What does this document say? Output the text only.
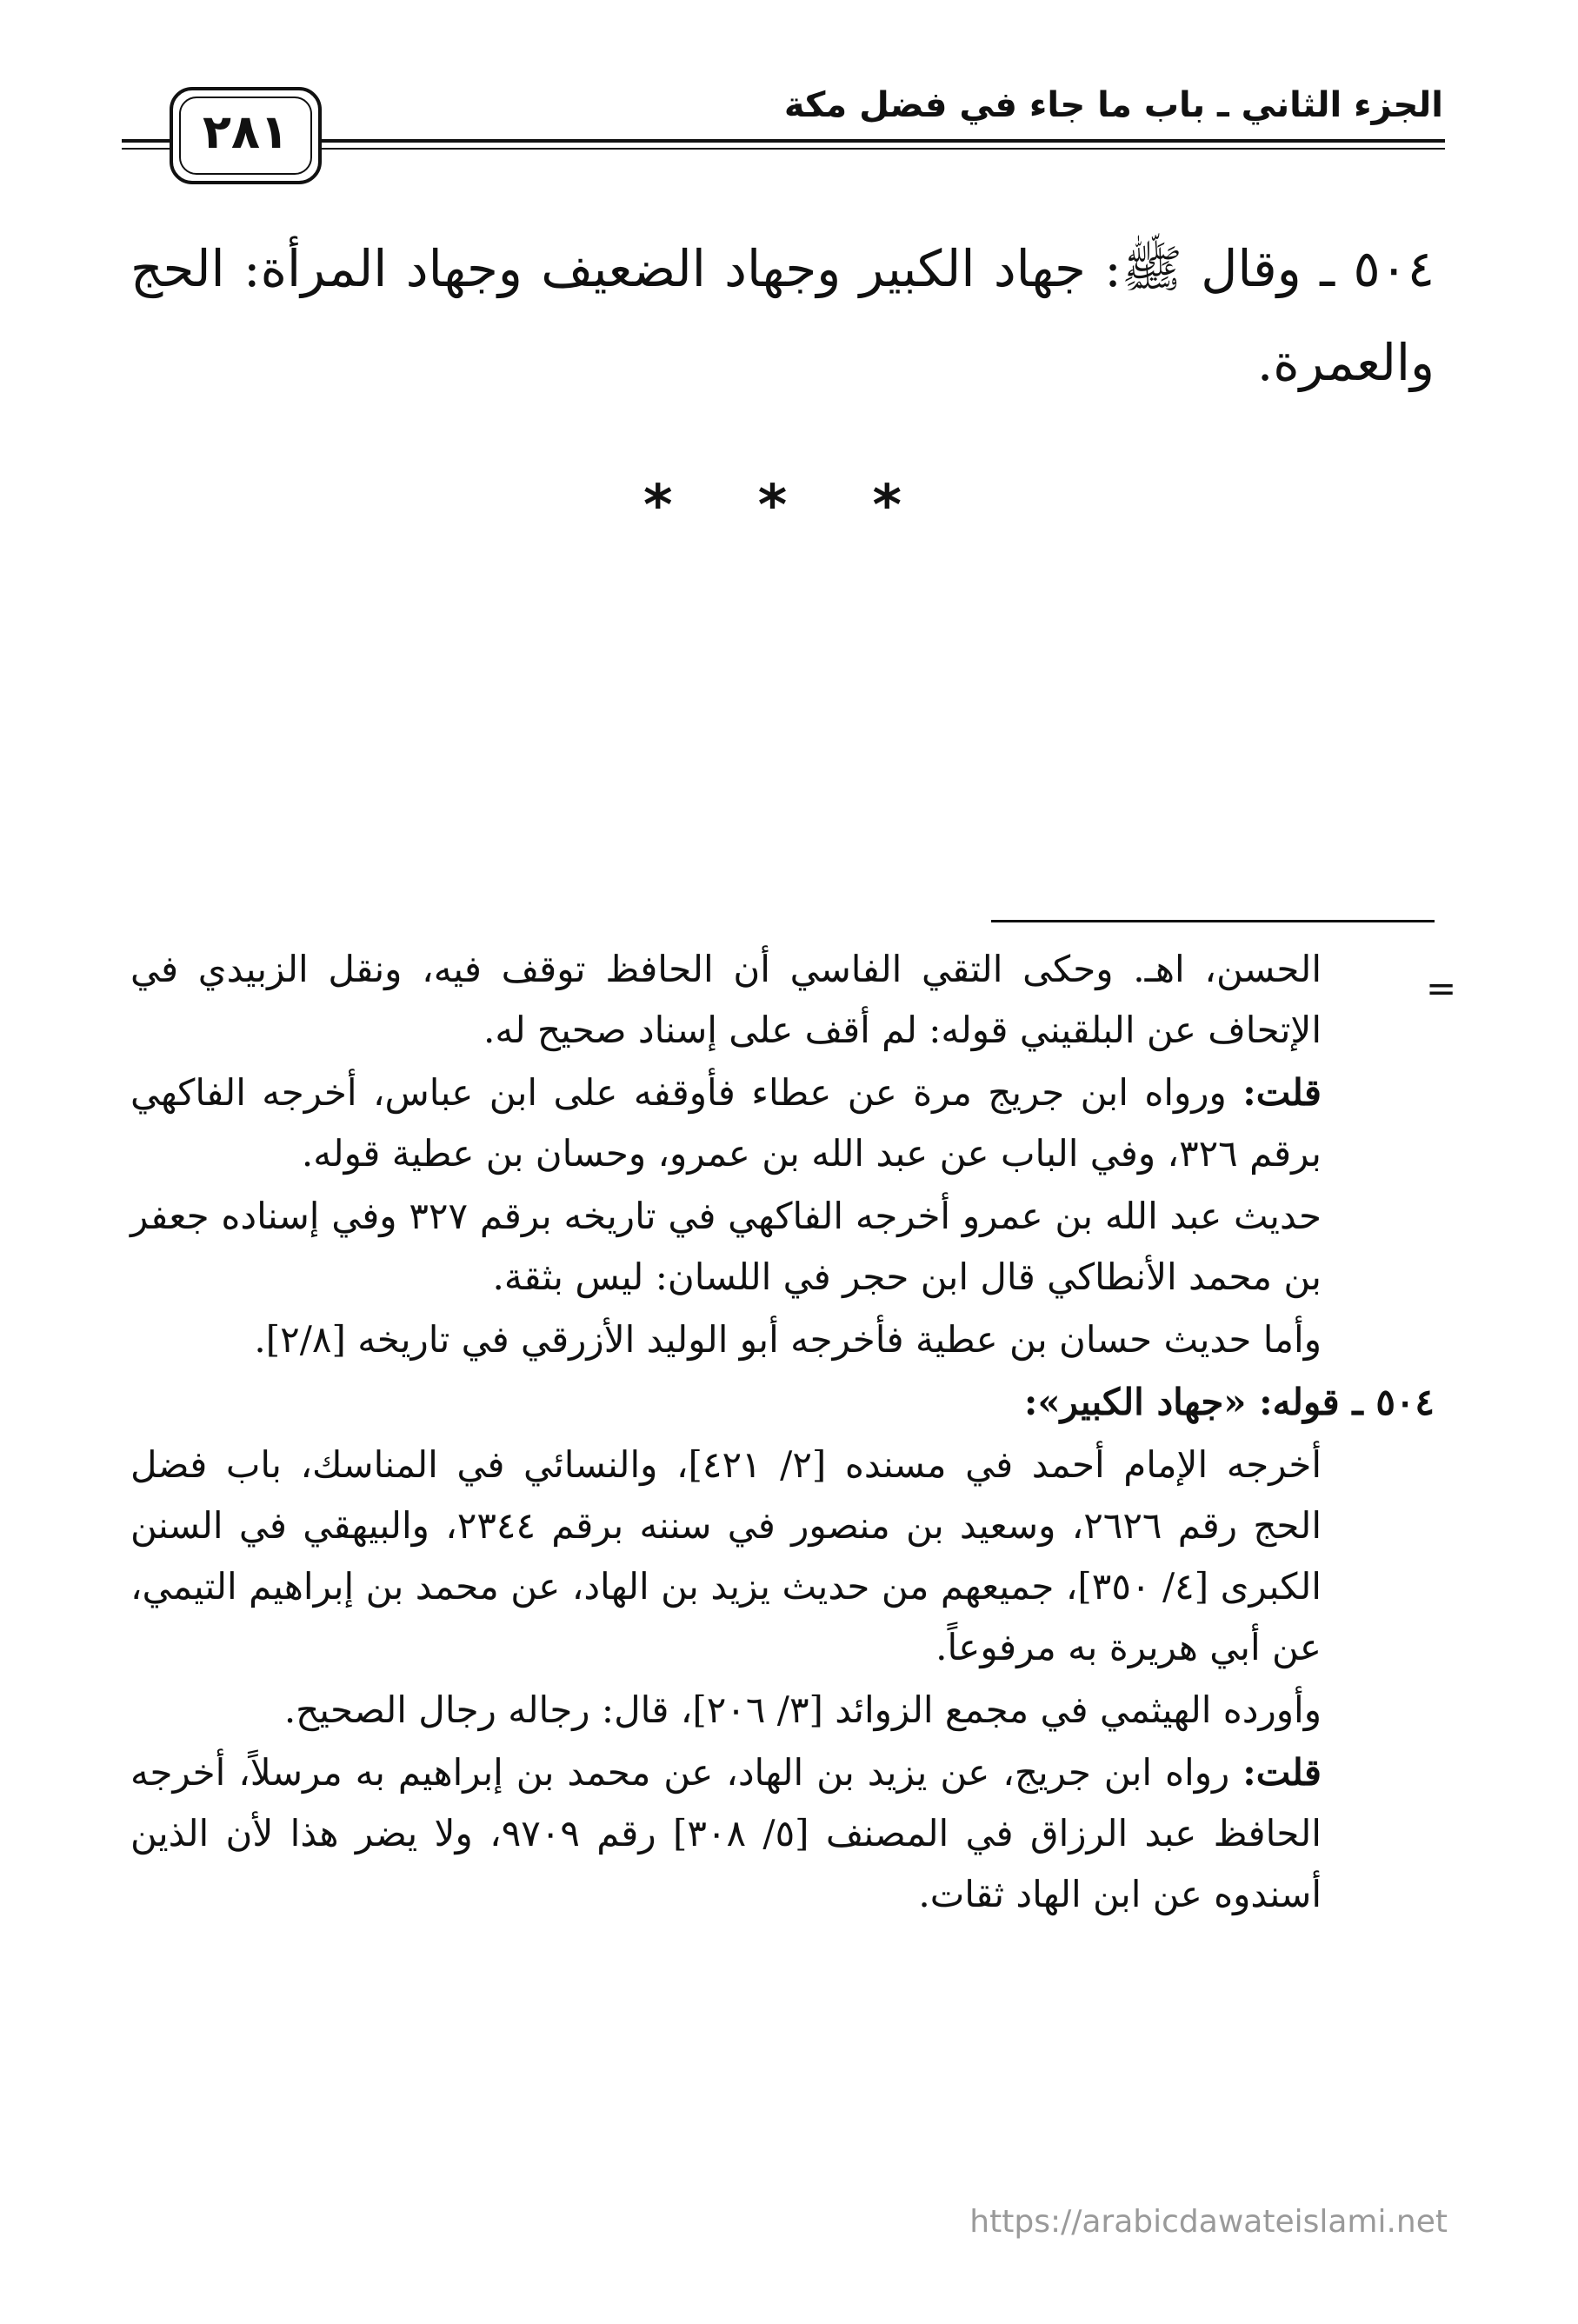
الجزء الثاني ـ باب ما جاء في فضل مكة
٢٨١
٥٠٤ ـ وقال ﷺ: جهاد الكبير وجهاد الضعيف وجهاد المرأة: الحج والعمرة.
* * *
=
الحسن، اهـ. وحكى التقي الفاسي أن الحافظ توقف فيه، ونقل الزبيدي في الإتحاف عن البلقيني قوله: لم أقف على إسناد صحيح له.
قلت: ورواه ابن جريج مرة عن عطاء فأوقفه على ابن عباس، أخرجه الفاكهي برقم ٣٢٦، وفي الباب عن عبد الله بن عمرو، وحسان بن عطية قوله.
حديث عبد الله بن عمرو أخرجه الفاكهي في تاريخه برقم ٣٢٧ وفي إسناده جعفر بن محمد الأنطاكي قال ابن حجر في اللسان: ليس بثقة.
وأما حديث حسان بن عطية فأخرجه أبو الوليد الأزرقي في تاريخه [٢/٨].
٥٠٤ ـ قوله: «جهاد الكبير»:
أخرجه الإمام أحمد في مسنده [٢/ ٤٢١]، والنسائي في المناسك، باب فضل الحج رقم ٢٦٢٦، وسعيد بن منصور في سننه برقم ٢٣٤٤، والبيهقي في السنن الكبرى [٤/ ٣٥٠]، جميعهم من حديث يزيد بن الهاد، عن محمد بن إبراهيم التيمي، عن أبي هريرة به مرفوعاً.
وأورده الهيثمي في مجمع الزوائد [٣/ ٢٠٦]، قال: رجاله رجال الصحيح.
قلت: رواه ابن جريج، عن يزيد بن الهاد، عن محمد بن إبراهيم به مرسلاً، أخرجه الحافظ عبد الرزاق في المصنف [٥/ ٣٠٨] رقم ٩٧٠٩، ولا يضر هذا لأن الذين أسندوه عن ابن الهاد ثقات.
https://arabicdawateislami.net
